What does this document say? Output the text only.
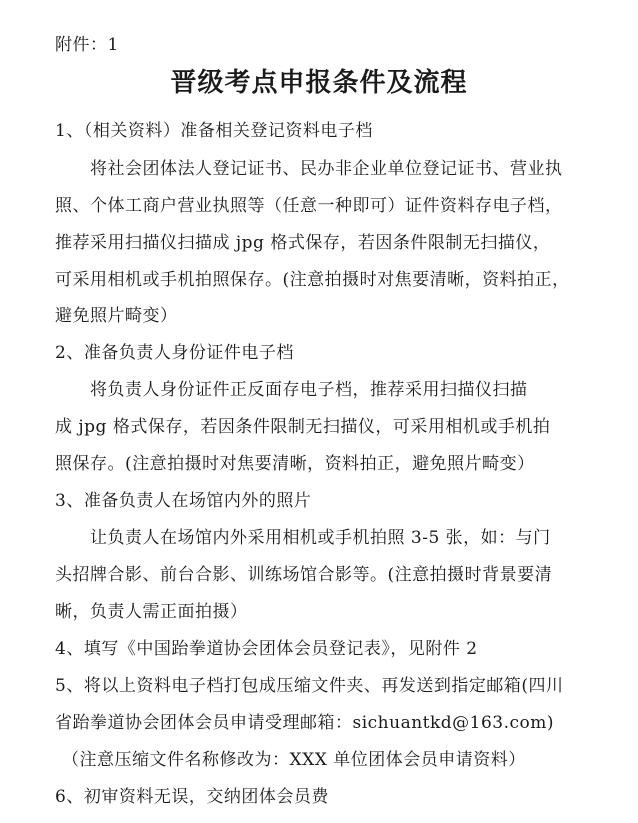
附件：1
晋级考点申报条件及流程
1、（相关资料）准备相关登记资料电子档
将社会团体法人登记证书、民办非企业单位登记证书、营业执
照、个体工商户营业执照等（任意一种即可）证件资料存电子档，
推荐采用扫描仪扫描成 jpg 格式保存，若因条件限制无扫描仪，
可采用相机或手机拍照保存。(注意拍摄时对焦要清晰，资料拍正，
避免照片畸变）
2、准备负责人身份证件电子档
将负责人身份证件正反面存电子档，推荐采用扫描仪扫描
成 jpg 格式保存，若因条件限制无扫描仪，可采用相机或手机拍
照保存。(注意拍摄时对焦要清晰，资料拍正，避免照片畸变）
3、准备负责人在场馆内外的照片
让负责人在场馆内外采用相机或手机拍照 3-5 张，如：与门
头招牌合影、前台合影、训练场馆合影等。(注意拍摄时背景要清
晰，负责人需正面拍摄）
4、填写《中国跆拳道协会团体会员登记表》，见附件 2
5、将以上资料电子档打包成压缩文件夹、再发送到指定邮箱(四川
省跆拳道协会团体会员申请受理邮箱：sichuantkd@163.com)
（注意压缩文件名称修改为：XXX 单位团体会员申请资料）
6、初审资料无误，交纳团体会员费
